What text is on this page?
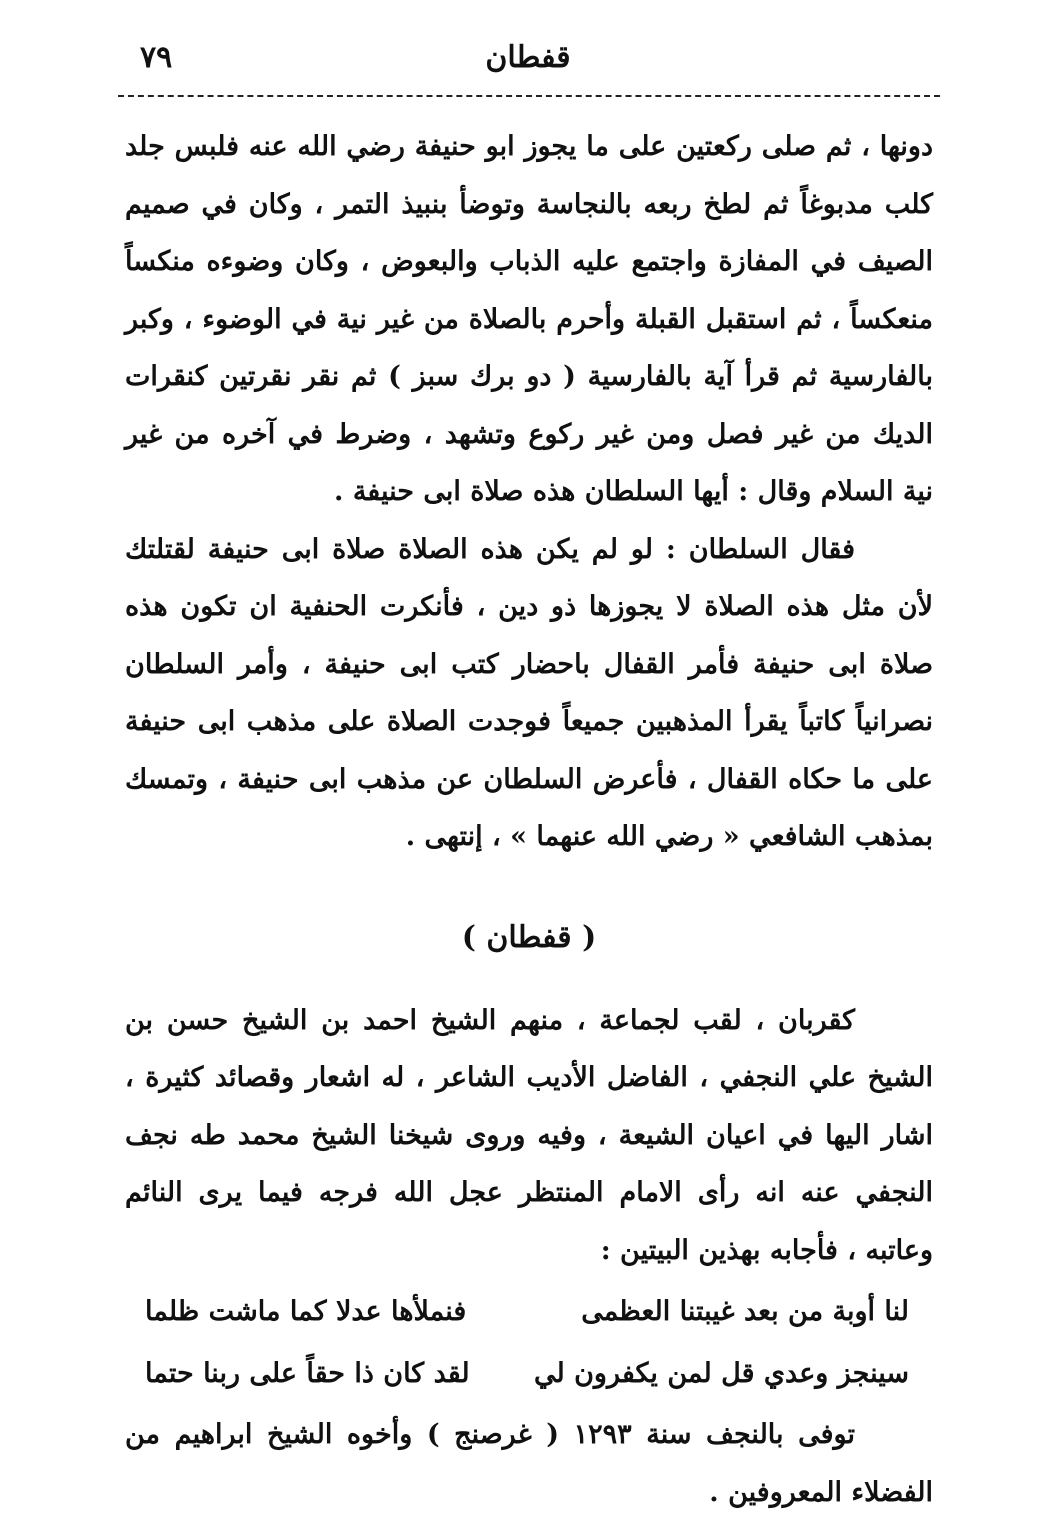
٧٩	قفطان

دونها ، ثم صلى ركعتين على ما يجوز ابو حنيفة رضي الله عنه فلبس جلد كلب مدبوغاً ثم لطخ ربعه بالنجاسة وتوضأ بنبيذ التمر ، وكان في صميم الصيف في المفازة واجتمع عليه الذباب والبعوض ، وكان وضوءه منكساً منعكساً ، ثم استقبل القبلة وأحرم بالصلاة من غير نية في الوضوء ، وكبر بالفارسية ثم قرأ آية بالفارسية ( دو برك سبز ) ثم نقر نقرتين كنقرات الديك من غير فصل ومن غير ركوع وتشهد ، وضرط في آخره من غير نية السلام وقال : أيها السلطان هذه صلاة ابى حنيفة .

فقال السلطان : لو لم يكن هذه الصلاة صلاة ابى حنيفة لقتلتك لأن مثل هذه الصلاة لا يجوزها ذو دين ، فأنكرت الحنفية ان تكون هذه صلاة ابى حنيفة فأمر القفال باحضار كتب ابى حنيفة ، وأمر السلطان نصرانياً كاتباً يقرأ المذهبين جميعاً فوجدت الصلاة على مذهب ابى حنيفة على ما حكاه القفال ، فأعرض السلطان عن مذهب ابى حنيفة ، وتمسك بمذهب الشافعي « رضي الله عنهما » ، إنتهى .

( قفطان )

كقربان ، لقب لجماعة ، منهم الشيخ احمد بن الشيخ حسن بن الشيخ علي النجفي ، الفاضل الأديب الشاعر ، له اشعار وقصائد كثيرة ، اشار اليها في اعيان الشيعة ، وفيه وروى شيخنا الشيخ محمد طه نجف النجفي عنه انه رأى الامام المنتظر عجل الله فرجه فيما يرى النائم وعاتبه ، فأجابه بهذين البيتين :

لنا أوبة من بعد غيبتنا العظمى
فنملأها عدلا كما ماشت ظلما
سينجز وعدي قل لمن يكفرون لي
لقد كان ذا حقاً على ربنا حتما

توفى بالنجف سنة ١٢٩٣ ( غرصنج ) وأخوه الشيخ ابراهيم من الفضلاء المعروفين .
